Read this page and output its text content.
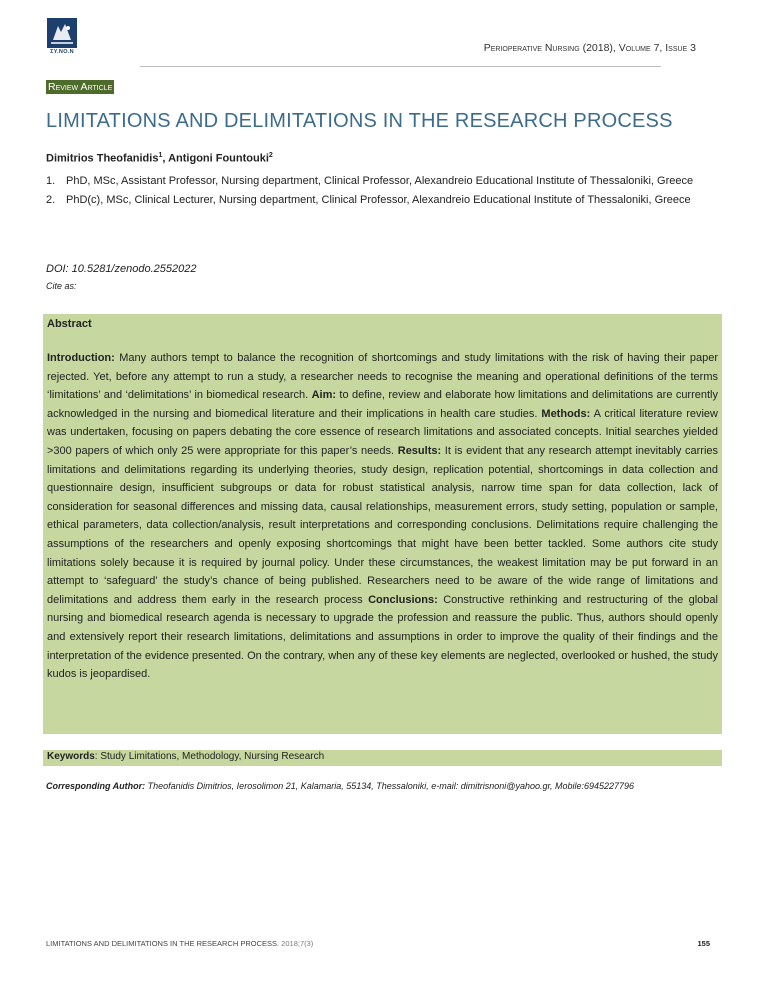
ΣΥ.ΝΟ.Ν	Perioperative Nursing (2018), Volume 7, Issue 3
Review Article
LIMITATIONS AND DELIMITATIONS IN THE RESEARCH PROCESS
Dimitrios Theofanidis$^1$, Antigoni Fountouki$^2$
1. PhD, MSc, Assistant Professor, Nursing department, Clinical Professor, Alexandreio Educational Institute of Thessaloniki, Greece
2. PhD(c), MSc, Clinical Lecturer, Nursing department, Clinical Professor, Alexandreio Educational Institute of Thessaloniki, Greece
DOI: 10.5281/zenodo.2552022
Cite as:
Abstract

Introduction: Many authors tempt to balance the recognition of shortcomings and study limitations with the risk of having their paper rejected. Yet, before any attempt to run a study, a researcher needs to recognise the meaning and operational definitions of the terms ‘limitations’ and ‘delimitations’ in biomedical research. Aim: to define, review and elaborate how limitations and delimitations are currently acknowledged in the nursing and biomedical literature and their implications in health care studies. Methods: A critical literature review was undertaken, focusing on papers debating the core essence of research limitations and associated concepts. Initial searches yielded >300 papers of which only 25 were appropriate for this paper’s needs. Results: It is evident that any research attempt inevitably carries limitations and delimitations regarding its underlying theories, study design, replication potential, shortcomings in data collection and questionnaire design, insufficient subgroups or data for robust statistical analysis, narrow time span for data collection, lack of consideration for seasonal differences and missing data, causal relationships, measurement errors, study setting, population or sample, ethical parameters, data collection/analysis, result interpretations and corresponding conclusions. Delimitations require challenging the assumptions of the researchers and openly exposing shortcomings that might have been better tackled. Some authors cite study limitations solely because it is required by journal policy. Under these circumstances, the weakest limitation may be put forward in an attempt to ‘safeguard’ the study’s chance of being published. Researchers need to be aware of the wide range of limitations and delimitations and address them early in the research process Conclusions: Constructive rethinking and restructuring of the global nursing and biomedical research agenda is necessary to upgrade the profession and reassure the public. Thus, authors should openly and extensively report their research limitations, delimitations and assumptions in order to improve the quality of their findings and the interpretation of the evidence presented. On the contrary, when any of these key elements are neglected, overlooked or hushed, the study kudos is jeopardised.

Keywords: Study Limitations, Methodology, Nursing Research
Corresponding Author: Theofanidis Dimitrios, Ierosolimon 21, Kalamaria, 55134, Thessaloniki, e-mail: dimitrisnoni@yahoo.gr, Mobile:6945227796
LIMITATIONS AND DELIMITATIONS IN THE RESEARCH PROCESS. 2018;7(3)	155
